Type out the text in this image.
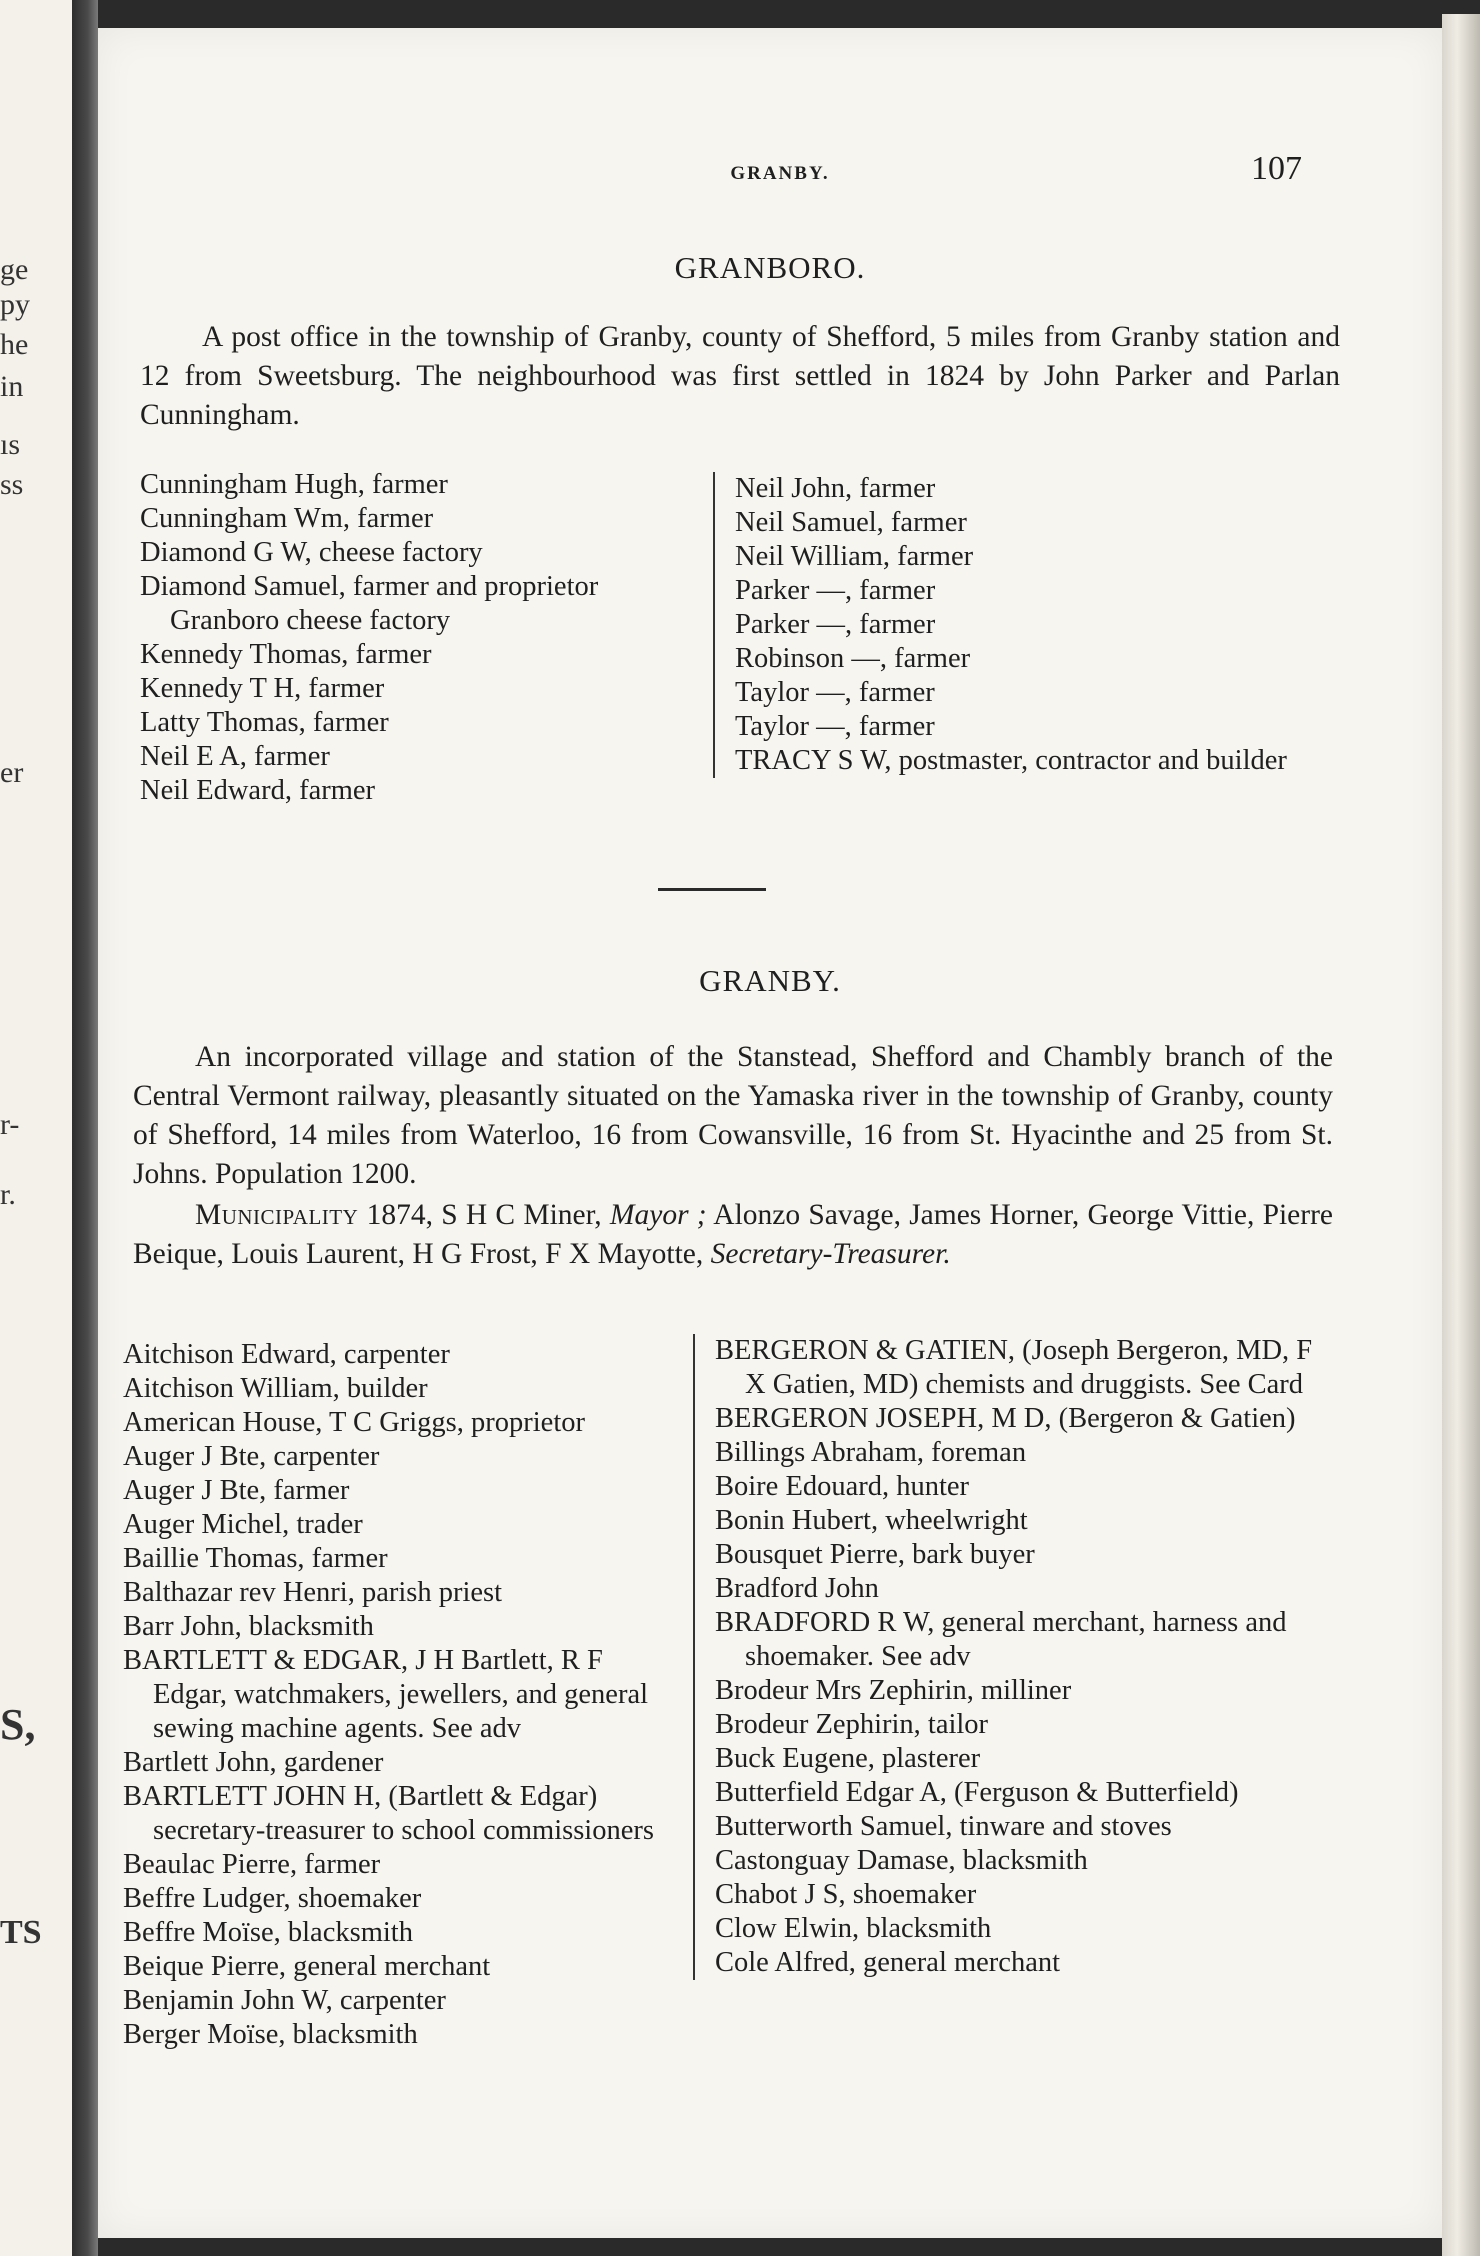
ge
py
he
in
ıs
ss
er
r-
r.
S,
TS
GRANBY.	107
GRANBORO.
A post office in the township of Granby, county of Shefford, 5 miles from Granby station and 12 from Sweetsburg. The neighbourhood was first settled in 1824 by John Parker and Parlan Cunningham.
Cunningham Hugh, farmer
Cunningham Wm, farmer
Diamond G W, cheese factory
Diamond Samuel, farmer and proprietor Granboro cheese factory
Kennedy Thomas, farmer
Kennedy T H, farmer
Latty Thomas, farmer
Neil E A, farmer
Neil Edward, farmer
Neil John, farmer
Neil Samuel, farmer
Neil William, farmer
Parker —, farmer
Parker —, farmer
Robinson —, farmer
Taylor —, farmer
Taylor —, farmer
TRACY S W, postmaster, contractor and builder
GRANBY.
An incorporated village and station of the Stanstead, Shefford and Chambly branch of the Central Vermont railway, pleasantly situated on the Yamaska river in the township of Granby, county of Shefford, 14 miles from Waterloo, 16 from Cowansville, 16 from St. Hyacinthe and 25 from St. Johns. Population 1200.
Municipality 1874, S H C Miner, Mayor ; Alonzo Savage, James Horner, George Vittie, Pierre Beique, Louis Laurent, H G Frost, F X Mayotte, Secretary-Treasurer.
Aitchison Edward, carpenter
Aitchison William, builder
American House, T C Griggs, proprietor
Auger J Bte, carpenter
Auger J Bte, farmer
Auger Michel, trader
Baillie Thomas, farmer
Balthazar rev Henri, parish priest
Barr John, blacksmith
BARTLETT & EDGAR, J H Bartlett, R F Edgar, watchmakers, jewellers, and general sewing machine agents. See adv
Bartlett John, gardener
BARTLETT JOHN H, (Bartlett & Edgar) secretary-treasurer to school commissioners
Beaulac Pierre, farmer
Beffre Ludger, shoemaker
Beffre Moïse, blacksmith
Beique Pierre, general merchant
Benjamin John W, carpenter
Berger Moïse, blacksmith
BERGERON & GATIEN, (Joseph Bergeron, MD, F X Gatien, MD) chemists and druggists. See Card
BERGERON JOSEPH, M D, (Bergeron & Gatien)
Billings Abraham, foreman
Boire Edouard, hunter
Bonin Hubert, wheelwright
Bousquet Pierre, bark buyer
Bradford John
BRADFORD R W, general merchant, harness and shoemaker. See adv
Brodeur Mrs Zephirin, milliner
Brodeur Zephirin, tailor
Buck Eugene, plasterer
Butterfield Edgar A, (Ferguson & Butterfield)
Butterworth Samuel, tinware and stoves
Castonguay Damase, blacksmith
Chabot J S, shoemaker
Clow Elwin, blacksmith
Cole Alfred, general merchant
